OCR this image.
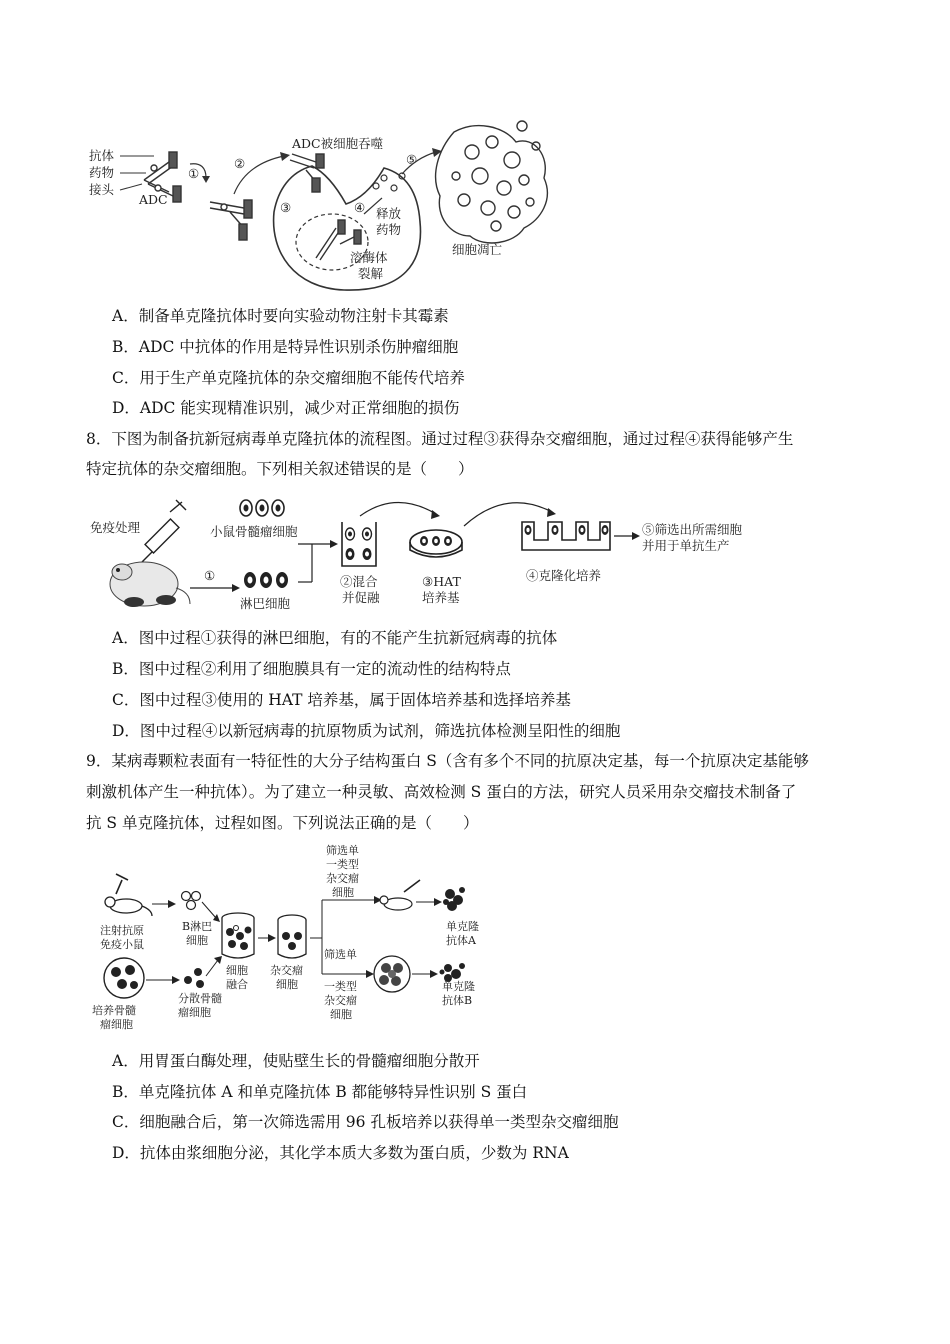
抗体
药物
接头
ADC
①
②
ADC被细胞吞噬
③
溶酶体
裂解
④ 释放
药物
⑤
细胞凋亡
A．制备单克隆抗体时要向实验动物注射卡其霉素
B．ADC 中抗体的作用是特异性识别杀伤肿瘤细胞
C．用于生产单克隆抗体的杂交瘤细胞不能传代培养
D．ADC 能实现精准识别，减少对正常细胞的损伤
8．下图为制备抗新冠病毒单克隆抗体的流程图。通过过程③获得杂交瘤细胞，通过过程④获得能够产生
特定抗体的杂交瘤细胞。下列相关叙述错误的是（　　）
免疫处理
①
小鼠骨髓瘤细胞
淋巴细胞
②混合
并促融
③HAT
培养基
④克隆化培养
⑤筛选出所需细胞
并用于单抗生产
A．图中过程①获得的淋巴细胞，有的不能产生抗新冠病毒的抗体
B．图中过程②利用了细胞膜具有一定的流动性的结构特点
C．图中过程③使用的 HAT 培养基，属于固体培养基和选择培养基
D．图中过程④以新冠病毒的抗原物质为试剂，筛选抗体检测呈阳性的细胞
9．某病毒颗粒表面有一特征性的大分子结构蛋白 S（含有多个不同的抗原决定基，每一个抗原决定基能够
刺激机体产生一种抗体）。为了建立一种灵敏、高效检测 S 蛋白的方法，研究人员采用杂交瘤技术制备了
抗 S 单克隆抗体，过程如图。下列说法正确的是（　　）
注射抗原
免疫小鼠
B淋巴
细胞
培养骨髓
瘤细胞
分散骨髓
瘤细胞
细胞
融合
杂交瘤
细胞
筛选单
一类型
杂交瘤
细胞
单克隆
抗体A
筛选单
一类型
杂交瘤
细胞
单克隆
抗体B
A．用胃蛋白酶处理，使贴壁生长的骨髓瘤细胞分散开
B．单克隆抗体 A 和单克隆抗体 B 都能够特异性识别 S 蛋白
C．细胞融合后，第一次筛选需用 96 孔板培养以获得单一类型杂交瘤细胞
D．抗体由浆细胞分泌，其化学本质大多数为蛋白质，少数为 RNA
